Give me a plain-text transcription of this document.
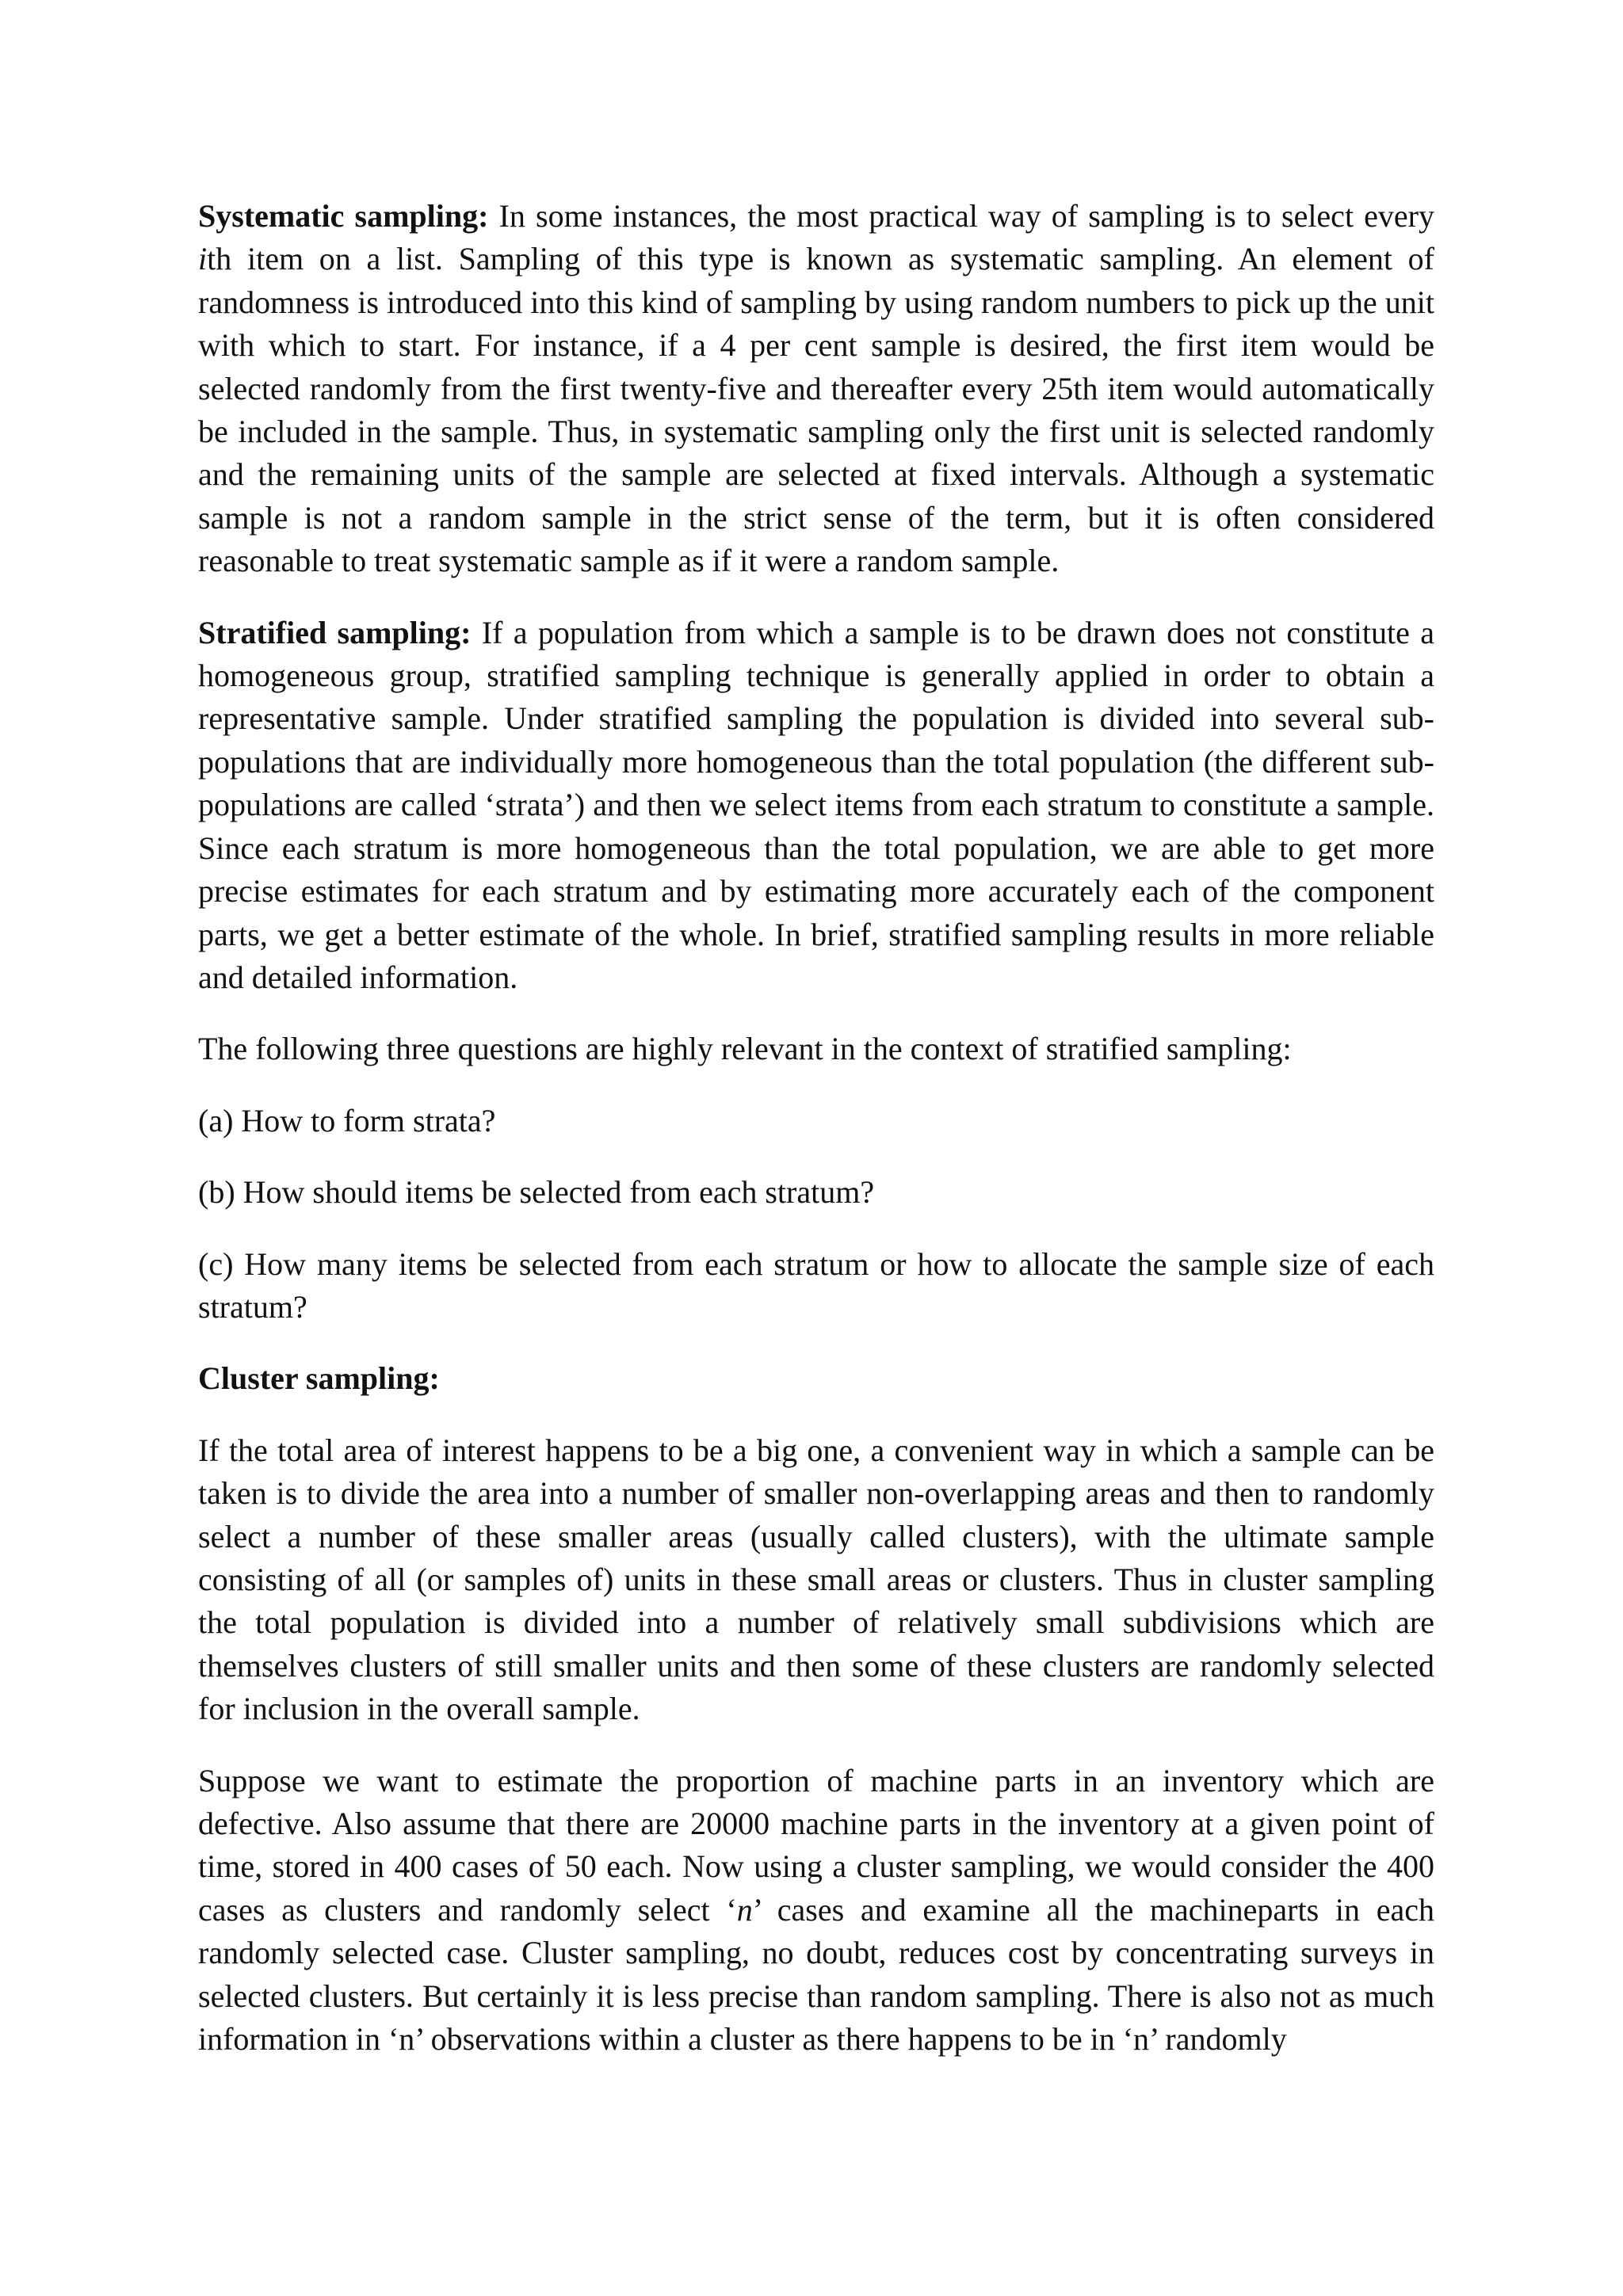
Systematic sampling: In some instances, the most practical way of sampling is to select every ith item on a list. Sampling of this type is known as systematic sampling. An element of randomness is introduced into this kind of sampling by using random numbers to pick up the unit with which to start. For instance, if a 4 per cent sample is desired, the first item would be selected randomly from the first twenty-five and thereafter every 25th item would automatically be included in the sample. Thus, in systematic sampling only the first unit is selected randomly and the remaining units of the sample are selected at fixed intervals. Although a systematic sample is not a random sample in the strict sense of the term, but it is often considered reasonable to treat systematic sample as if it were a random sample.

Stratified sampling: If a population from which a sample is to be drawn does not constitute a homogeneous group, stratified sampling technique is generally applied in order to obtain a representative sample. Under stratified sampling the population is divided into several sub-populations that are individually more homogeneous than the total population (the different sub-populations are called ‘strata’) and then we select items from each stratum to constitute a sample. Since each stratum is more homogeneous than the total population, we are able to get more precise estimates for each stratum and by estimating more accurately each of the component parts, we get a better estimate of the whole. In brief, stratified sampling results in more reliable and detailed information.

The following three questions are highly relevant in the context of stratified sampling:

(a) How to form strata?

(b) How should items be selected from each stratum?

(c) How many items be selected from each stratum or how to allocate the sample size of each stratum?

Cluster sampling:

If the total area of interest happens to be a big one, a convenient way in which a sample can be taken is to divide the area into a number of smaller non-overlapping areas and then to randomly select a number of these smaller areas (usually called clusters), with the ultimate sample consisting of all (or samples of) units in these small areas or clusters. Thus in cluster sampling the total population is divided into a number of relatively small subdivisions which are themselves clusters of still smaller units and then some of these clusters are randomly selected for inclusion in the overall sample.

Suppose we want to estimate the proportion of machine parts in an inventory which are defective. Also assume that there are 20000 machine parts in the inventory at a given point of time, stored in 400 cases of 50 each. Now using a cluster sampling, we would consider the 400 cases as clusters and randomly select ‘n’ cases and examine all the machineparts in each randomly selected case. Cluster sampling, no doubt, reduces cost by concentrating surveys in selected clusters. But certainly it is less precise than random sampling. There is also not as much information in ‘n’ observations within a cluster as there happens to be in ‘n’ randomly
